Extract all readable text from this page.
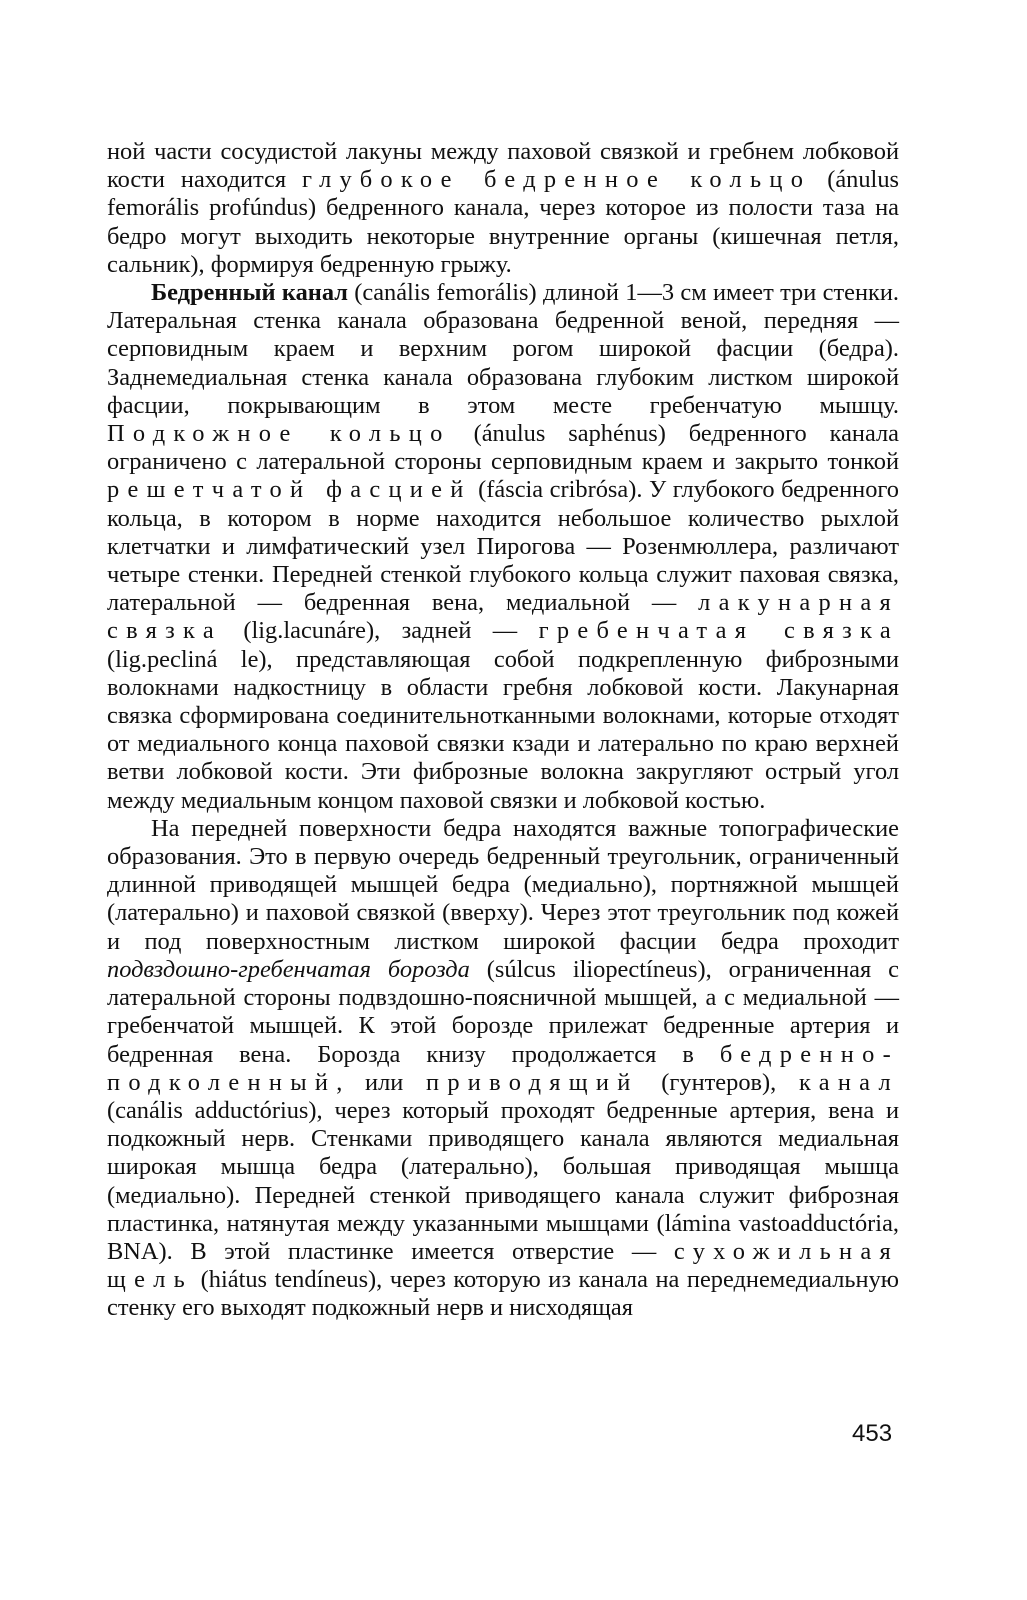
ной части сосудистой лакуны между паховой связкой и гребнем лобковой кости находится глубокое бедренное кольцо (ánulus femorális profúndus) бедренного канала, через которое из полости таза на бедро могут выходить некоторые внутренние органы (кишечная петля, сальник), формируя бедренную грыжу.

Бедренный канал (canális femorális) длиной 1—3 см имеет три стенки. Латеральная стенка канала образована бедренной веной, передняя — серповидным краем и верхним рогом широкой фасции (бедра). Заднемедиальная стенка канала образована глубоким листком широкой фасции, покрывающим в этом месте гребенчатую мышцу. Подкожное кольцо (ánulus saphénus) бедренного канала ограничено с латеральной стороны серповидным краем и закрыто тонкой решетчатой фасцией (fáscia cribrósa). У глубокого бедренного кольца, в котором в норме находится небольшое количество рыхлой клетчатки и лимфатический узел Пирогова — Розенмюллера, различают четыре стенки. Передней стенкой глубокого кольца служит паховая связка, латеральной — бедренная вена, медиальной — лакунарная связка (lig.lacunáre), задней — гребенчатая связка (lig.pecliná le), представляющая собой подкрепленную фиброзными волокнами надкостницу в области гребня лобковой кости. Лакунарная связка сформирована соединительнотканными волокнами, которые отходят от медиального конца паховой связки кзади и латерально по краю верхней ветви лобковой кости. Эти фиброзные волокна закругляют острый угол между медиальным концом паховой связки и лобковой костью.

На передней поверхности бедра находятся важные топографические образования. Это в первую очередь бедренный треугольник, ограниченный длинной приводящей мышцей бедра (медиально), портняжной мышцей (латерально) и паховой связкой (вверху). Через этот треугольник под кожей и под поверхностным листком широкой фасции бедра проходит подвздошно-гребенчатая борозда (súlcus iliopectíneus), ограниченная с латеральной стороны подвздошно-поясничной мышцей, а с медиальной — гребенчатой мышцей. К этой борозде прилежат бедренные артерия и бедренная вена. Борозда книзу продолжается в бедренно-подколенный, или приводящий (гунтеров), канал (canális adductórius), через который проходят бедренные артерия, вена и подкожный нерв. Стенками приводящего канала являются медиальная широкая мышца бедра (латерально), большая приводящая мышца (медиально). Передней стенкой приводящего канала служит фиброзная пластинка, натянутая между указанными мышцами (lámina vastoadductória, BNA). В этой пластинке имеется отверстие — сухожильная щель (hiátus tendíneus), через которую из канала на переднемедиальную стенку его выходят подкожный нерв и нисходящая

453
